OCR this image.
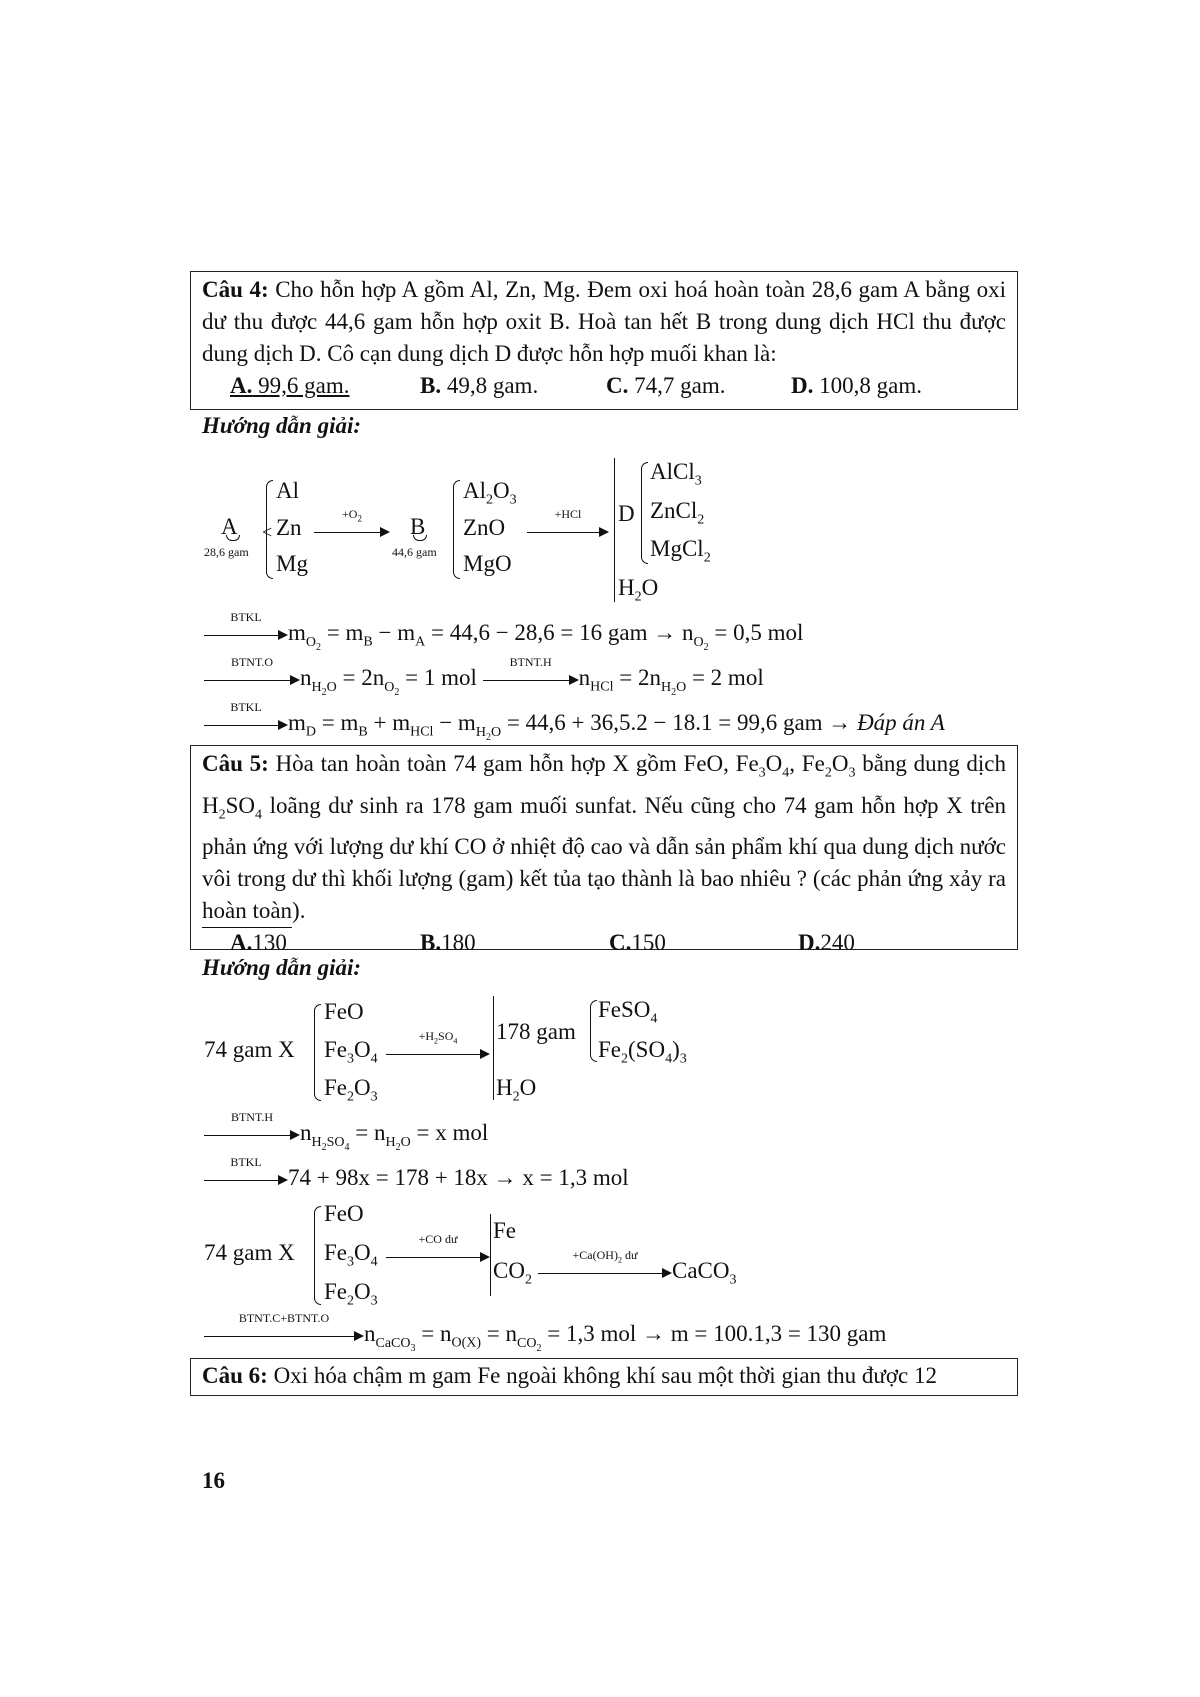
Câu 4: Cho hỗn hợp A gồm Al, Zn, Mg. Đem oxi hoá hoàn toàn 28,6 gam A bằng oxi dư thu được 44,6 gam hỗn hợp oxit B. Hoà tan hết B trong dung dịch HCl thu được dung dịch D. Cô cạn dung dịch D được hỗn hợp muối khan là:

A. 99,6 gam.	B. 49,8 gam.	C. 74,7 gam.	D. 100,8 gam.
Hướng dẫn giải:
A
28,6 gam
<
Al
Zn
Mg
$+O_2$	B
44,6 gam
$Al_2O_3$
ZnO
MgO
+HCl	D
AlCl$_3$
ZnCl$_2$
MgCl$_2$
$H_2O$
BTKL
$m_{O_2} = m_B - m_A = 44,6 - 28,6 = 16$ gam → $n_{O_2} = 0,5$ mol
BTNT.O
$n_{H_2O} = 2n_{O_2} = 1$ mol
BTNT.H
$n_{HCl} = 2n_{H_2O} = 2$ mol
BTKL
$m_D = m_B + m_{HCl} - m_{H_2O} = 44,6 + 36,5.2 - 18.1 = 99,6$ gam → Đáp án A

Câu 5: Hòa tan hoàn toàn 74 gam hỗn hợp X gồm FeO, $Fe_3O_4$, $Fe_2O_3$ bằng dung dịch $H_2SO_4$ loãng dư sinh ra 178 gam muối sunfat. Nếu cũng cho 74 gam hỗn hợp X trên phản ứng với lượng dư khí CO ở nhiệt độ cao và dẫn sản phẩm khí qua dung dịch nước vôi trong dư thì khối lượng (gam) kết tủa tạo thành là bao nhiêu ? (các phản ứng xảy ra hoàn toàn).

A.130	B.180	C.150	D.240
Hướng dẫn giải:
74 gam X
FeO
$Fe_3O_4$
$Fe_2O_3$
$+H_2SO_4$	178 gam
FeSO$_4$
$Fe_2(SO_4)_3$
$H_2O$
BTNT.H
$n_{H_2SO_4} = n_{H_2O} = x$ mol
BTKL
74 + 98x = 178 + 18x → x = 1,3 mol
74 gam X
FeO
$Fe_3O_4$
$Fe_2O_3$
+CO dư	Fe
$CO_2$
$+Ca(OH)_2$ dư
CaCO$_3$
BTNT.C+BTNT.O
$n_{CaCO_3} = n_{O(X)} = n_{CO_2} = 1,3$ mol → m = 100.1,3 = 130 gam

Câu 6: Oxi hóa chậm m gam Fe ngoài không khí sau một thời gian thu được 12

16
